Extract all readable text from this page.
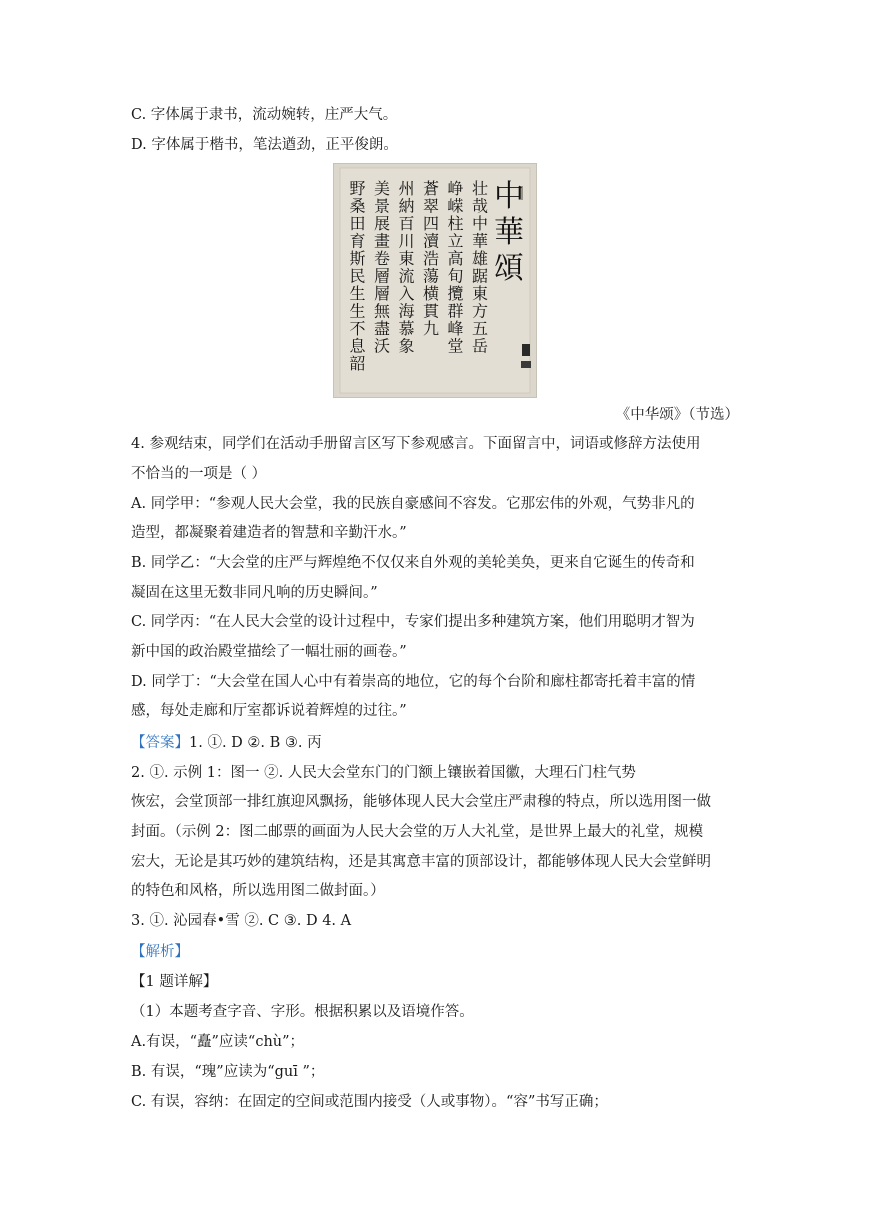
C. 字体属于隶书，流动婉转，庄严大气。
D. 字体属于楷书，笔法遒劲，正平俊朗。
中
華
頌
壮
哉
中
華
雄
踞
東
方
五
岳
峥
嵘
柱
立
高
旬
攬
群
峰
堂
蒼
翠
四
瀆
浩
蕩
横
貫
九
州
納
百
川
東
流
入
海
慕
象
美
景
展
畫
卷
層
層
無
盡
沃
野
桑
田
育
斯
民
生
生
不
息
韶
《中华颂》（节选）
4. 参观结束，同学们在活动手册留言区写下参观感言。下面留言中，词语或修辞方法使用
不恰当的一项是（ ）
A. 同学甲：“参观人民大会堂，我的民族自豪感间不容发。它那宏伟的外观，气势非凡的
造型，都凝聚着建造者的智慧和辛勤汗水。”
B. 同学乙：“大会堂的庄严与辉煌绝不仅仅来自外观的美轮美奂，更来自它诞生的传奇和
凝固在这里无数非同凡响的历史瞬间。”
C. 同学丙：“在人民大会堂的设计过程中，专家们提出多种建筑方案，他们用聪明才智为
新中国的政治殿堂描绘了一幅壮丽的画卷。”
D. 同学丁：“大会堂在国人心中有着崇高的地位，它的每个台阶和廊柱都寄托着丰富的情
感，每处走廊和厅室都诉说着辉煌的过往。”
【答案】1. ①. D ②. B ③. 丙
2. ①. 示例 1：图一 ②. 人民大会堂东门的门额上镶嵌着国徽，大理石门柱气势
恢宏，会堂顶部一排红旗迎风飘扬，能够体现人民大会堂庄严肃穆的特点，所以选用图一做
封面。（示例 2：图二邮票的画面为人民大会堂的万人大礼堂，是世界上最大的礼堂，规模
宏大，无论是其巧妙的建筑结构，还是其寓意丰富的顶部设计，都能够体现人民大会堂鲜明
的特色和风格，所以选用图二做封面。）
3. ①. 沁园春•雪 ②. C ③. D 4. A
【解析】
【1 题详解】
（1）本题考查字音、字形。根据积累以及语境作答。
A.有误，“矗”应读“chù”；
B. 有误，“瑰”应读为“guī ”；
C. 有误，容纳：在固定的空间或范围内接受（人或事物）。“容”书写正确；
